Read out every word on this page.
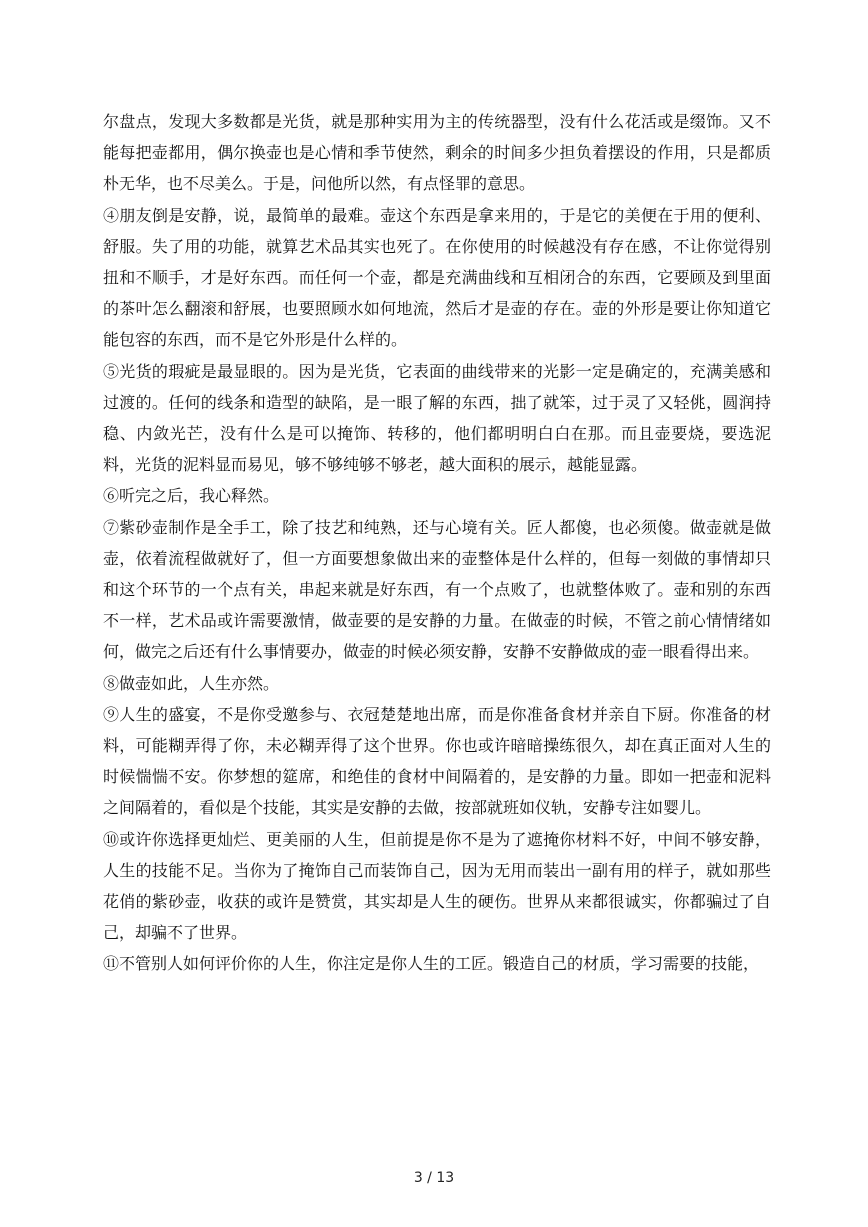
尔盘点，发现大多数都是光货，就是那种实用为主的传统器型，没有什么花活或是缀饰。又不能每把壶都用，偶尔换壶也是心情和季节使然，剩余的时间多少担负着摆设的作用，只是都质朴无华，也不尽美么。于是，问他所以然，有点怪罪的意思。

④朋友倒是安静，说，最简单的最难。壶这个东西是拿来用的，于是它的美便在于用的便利、舒服。失了用的功能，就算艺术品其实也死了。在你使用的时候越没有存在感，不让你觉得别扭和不顺手，才是好东西。而任何一个壶，都是充满曲线和互相闭合的东西，它要顾及到里面的茶叶怎么翻滚和舒展，也要照顾水如何地流，然后才是壶的存在。壶的外形是要让你知道它能包容的东西，而不是它外形是什么样的。

⑤光货的瑕疵是最显眼的。因为是光货，它表面的曲线带来的光影一定是确定的，充满美感和过渡的。任何的线条和造型的缺陷，是一眼了解的东西，拙了就笨，过于灵了又轻佻，圆润持稳、内敛光芒，没有什么是可以掩饰、转移的，他们都明明白白在那。而且壶要烧，要选泥料，光货的泥料显而易见，够不够纯够不够老，越大面积的展示，越能显露。

⑥听完之后，我心释然。

⑦紫砂壶制作是全手工，除了技艺和纯熟，还与心境有关。匠人都傻，也必须傻。做壶就是做壶，依着流程做就好了，但一方面要想象做出来的壶整体是什么样的，但每一刻做的事情却只和这个环节的一个点有关，串起来就是好东西，有一个点败了，也就整体败了。壶和别的东西不一样，艺术品或许需要激情，做壶要的是安静的力量。在做壶的时候，不管之前心情情绪如何，做完之后还有什么事情要办，做壶的时候必须安静，安静不安静做成的壶一眼看得出来。

⑧做壶如此，人生亦然。

⑨人生的盛宴，不是你受邀参与、衣冠楚楚地出席，而是你准备食材并亲自下厨。你准备的材料，可能糊弄得了你，未必糊弄得了这个世界。你也或许暗暗操练很久，却在真正面对人生的时候惴惴不安。你梦想的筵席，和绝佳的食材中间隔着的，是安静的力量。即如一把壶和泥料之间隔着的，看似是个技能，其实是安静的去做，按部就班如仪轨，安静专注如婴儿。

⑩或许你选择更灿烂、更美丽的人生，但前提是你不是为了遮掩你材料不好，中间不够安静，人生的技能不足。当你为了掩饰自己而装饰自己，因为无用而装出一副有用的样子，就如那些花俏的紫砂壶，收获的或许是赞赏，其实却是人生的硬伤。世界从来都很诚实，你都骗过了自己，却骗不了世界。

⑪不管别人如何评价你的人生，你注定是你人生的工匠。锻造自己的材质，学习需要的技能，

3 / 13
